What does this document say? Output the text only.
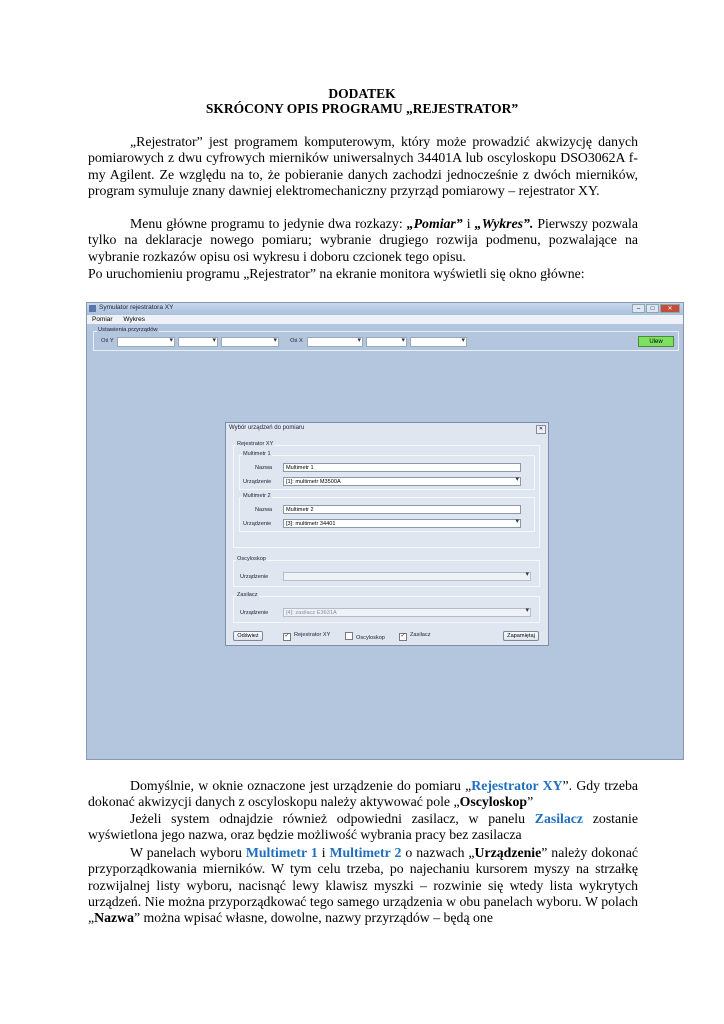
DODATEK
SKRÓCONY OPIS PROGRAMU „REJESTRATOR”
„Rejestrator” jest programem komputerowym, który może prowadzić akwizycję danych pomiarowych z dwu cyfrowych mierników uniwersalnych 34401A lub oscyloskopu DSO3062A f-my Agilent. Ze względu na to, że pobieranie danych zachodzi jednocześnie z dwóch mierników, program symuluje znany dawniej elektromechaniczny przyrząd pomiarowy – rejestrator XY.
Menu główne programu to jedynie dwa rozkazy: „Pomiar” i „Wykres”. Pierwszy pozwala tylko na deklaracje nowego pomiaru; wybranie drugiego rozwija podmenu, pozwalające na wybranie rozkazów opisu osi wykresu i doboru czcionek tego opisu.
Po uruchomieniu programu „Rejestrator” na ekranie monitora wyświetli się okno główne:
Symulator rejestratora XY	–	□	✕
Pomiar Wykres
Ustawienia przyrządów
Oś Y ▾ ▾ ▾	Oś X ▾ ▾ ▾	Ulew
Wybór urządzeń do pomiaru	✕
Rejestrator XY
Multimetr 1
Nazwa	Multimetr 1
Urządzenie	[1]: multimetr M3500A ▾
Multimetr 2
Nazwa	Multimetr 2
Urządzenie	[3]: multimetr 34401 ▾
Oscyloskop
Urządzenie
▾
Zasilacz
Urządzenie	[4]: zasilacz E3631A ▾
Odśwież	✓ Rejestrator XY	Oscyloskop	✓ Zasilacz	Zapamiętaj
Domyślnie, w oknie oznaczone jest urządzenie do pomiaru „Rejestrator XY”. Gdy trzeba dokonać akwizycji danych z oscyloskopu należy aktywować pole „Oscyloskop”
Jeżeli system odnajdzie również odpowiedni zasilacz, w panelu Zasilacz zostanie wyświetlona jego nazwa, oraz będzie możliwość wybrania pracy bez zasilacza
W panelach wyboru Multimetr 1 i Multimetr 2 o nazwach „Urządzenie” należy dokonać przyporządkowania mierników. W tym celu trzeba, po najechaniu kursorem myszy na strzałkę rozwijalnej listy wyboru, nacisnąć lewy klawisz myszki – rozwinie się wtedy lista wykrytych urządzeń. Nie można przyporządkować tego samego urządzenia w obu panelach wyboru. W polach „Nazwa” można wpisać własne, dowolne, nazwy przyrządów – będą one
